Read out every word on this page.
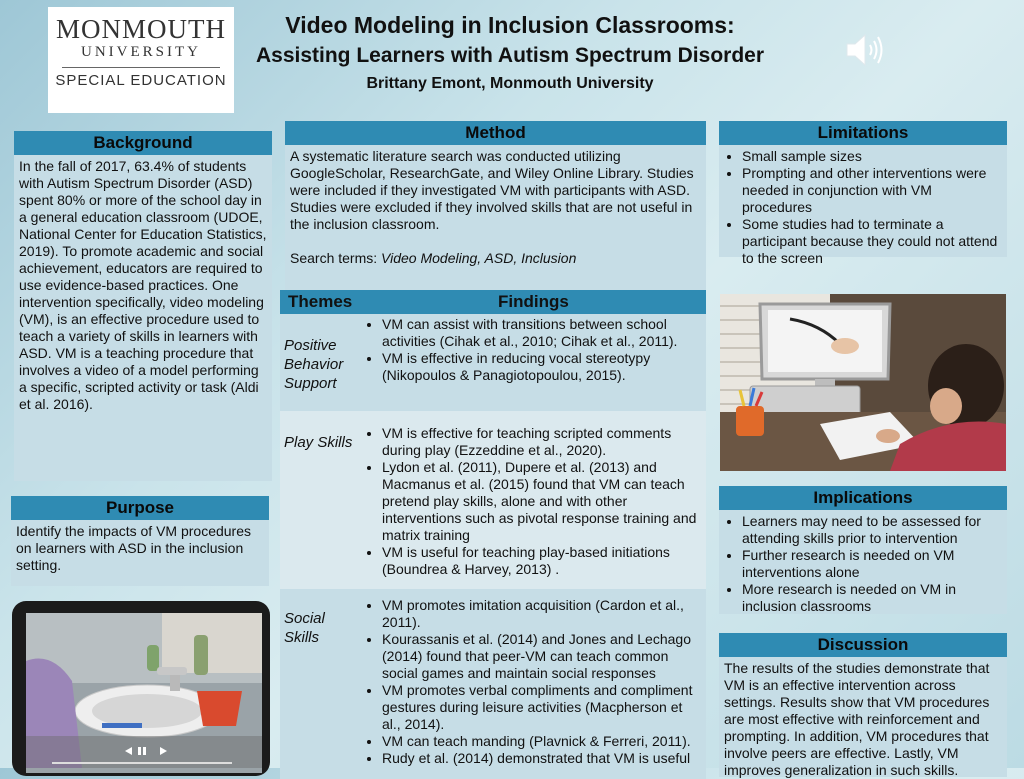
MONMOUTH
UNIVERSITY
SPECIAL EDUCATION
Video Modeling in Inclusion Classrooms:
Assisting Learners with Autism Spectrum Disorder
Brittany Emont, Monmouth University
Background
In the fall of 2017, 63.4% of students with Autism Spectrum Disorder (ASD) spent 80% or more of the school day in a general education classroom (UDOE, National Center for Education Statistics, 2019). To promote academic and social achievement, educators are required to use evidence-based practices. One intervention specifically, video modeling (VM), is an effective procedure used to teach a variety of skills in learners with ASD. VM is a teaching procedure that involves a video of a model performing a specific, scripted activity or task (Aldi et al. 2016).
Purpose
Identify the impacts of VM procedures on learners with ASD in the inclusion setting.
Method
A systematic literature search was conducted utilizing GoogleScholar, ResearchGate, and Wiley Online Library. Studies were included if they investigated VM with participants with ASD. Studies were excluded if they involved skills that are not useful in the inclusion classroom.
Search terms: Video Modeling, ASD, Inclusion
Themes	Findings
Positive Behavior Support
• VM can assist with transitions between school activities (Cihak et al., 2010; Cihak et al., 2011).
• VM is effective in reducing vocal stereotypy (Nikopoulos & Panagiotopoulou, 2015).
Play Skills
• VM is effective for teaching scripted comments during play (Ezzeddine et al., 2020).
• Lydon et al. (2011), Dupere et al. (2013) and Macmanus et al. (2015) found that VM can teach pretend play skills, alone and with other interventions such as pivotal response training and matrix training
• VM is useful for teaching play-based initiations (Boundrea & Harvey, 2013) .
Social Skills
• VM promotes imitation acquisition (Cardon et al., 2011).
• Kourassanis et al. (2014) and Jones and Lechago (2014) found that peer-VM can teach common social games and maintain social responses
• VM promotes verbal compliments and compliment gestures during leisure activities (Macpherson et al., 2014).
• VM can teach manding (Plavnick & Ferreri, 2011).
• Rudy et al. (2014) demonstrated that VM is useful
Limitations
• Small sample sizes
• Prompting and other interventions were needed in conjunction with VM procedures
• Some studies had to terminate a participant because they could not attend to the screen
Implications
• Learners may need to be assessed for attending skills prior to intervention
• Further research is needed on VM interventions alone
• More research is needed on VM in inclusion classrooms
Discussion
The results of the studies demonstrate that VM is an effective intervention across settings. Results show that VM procedures are most effective with reinforcement and prompting. In addition, VM procedures that involve peers are effective. Lastly, VM improves generalization in such skills.
